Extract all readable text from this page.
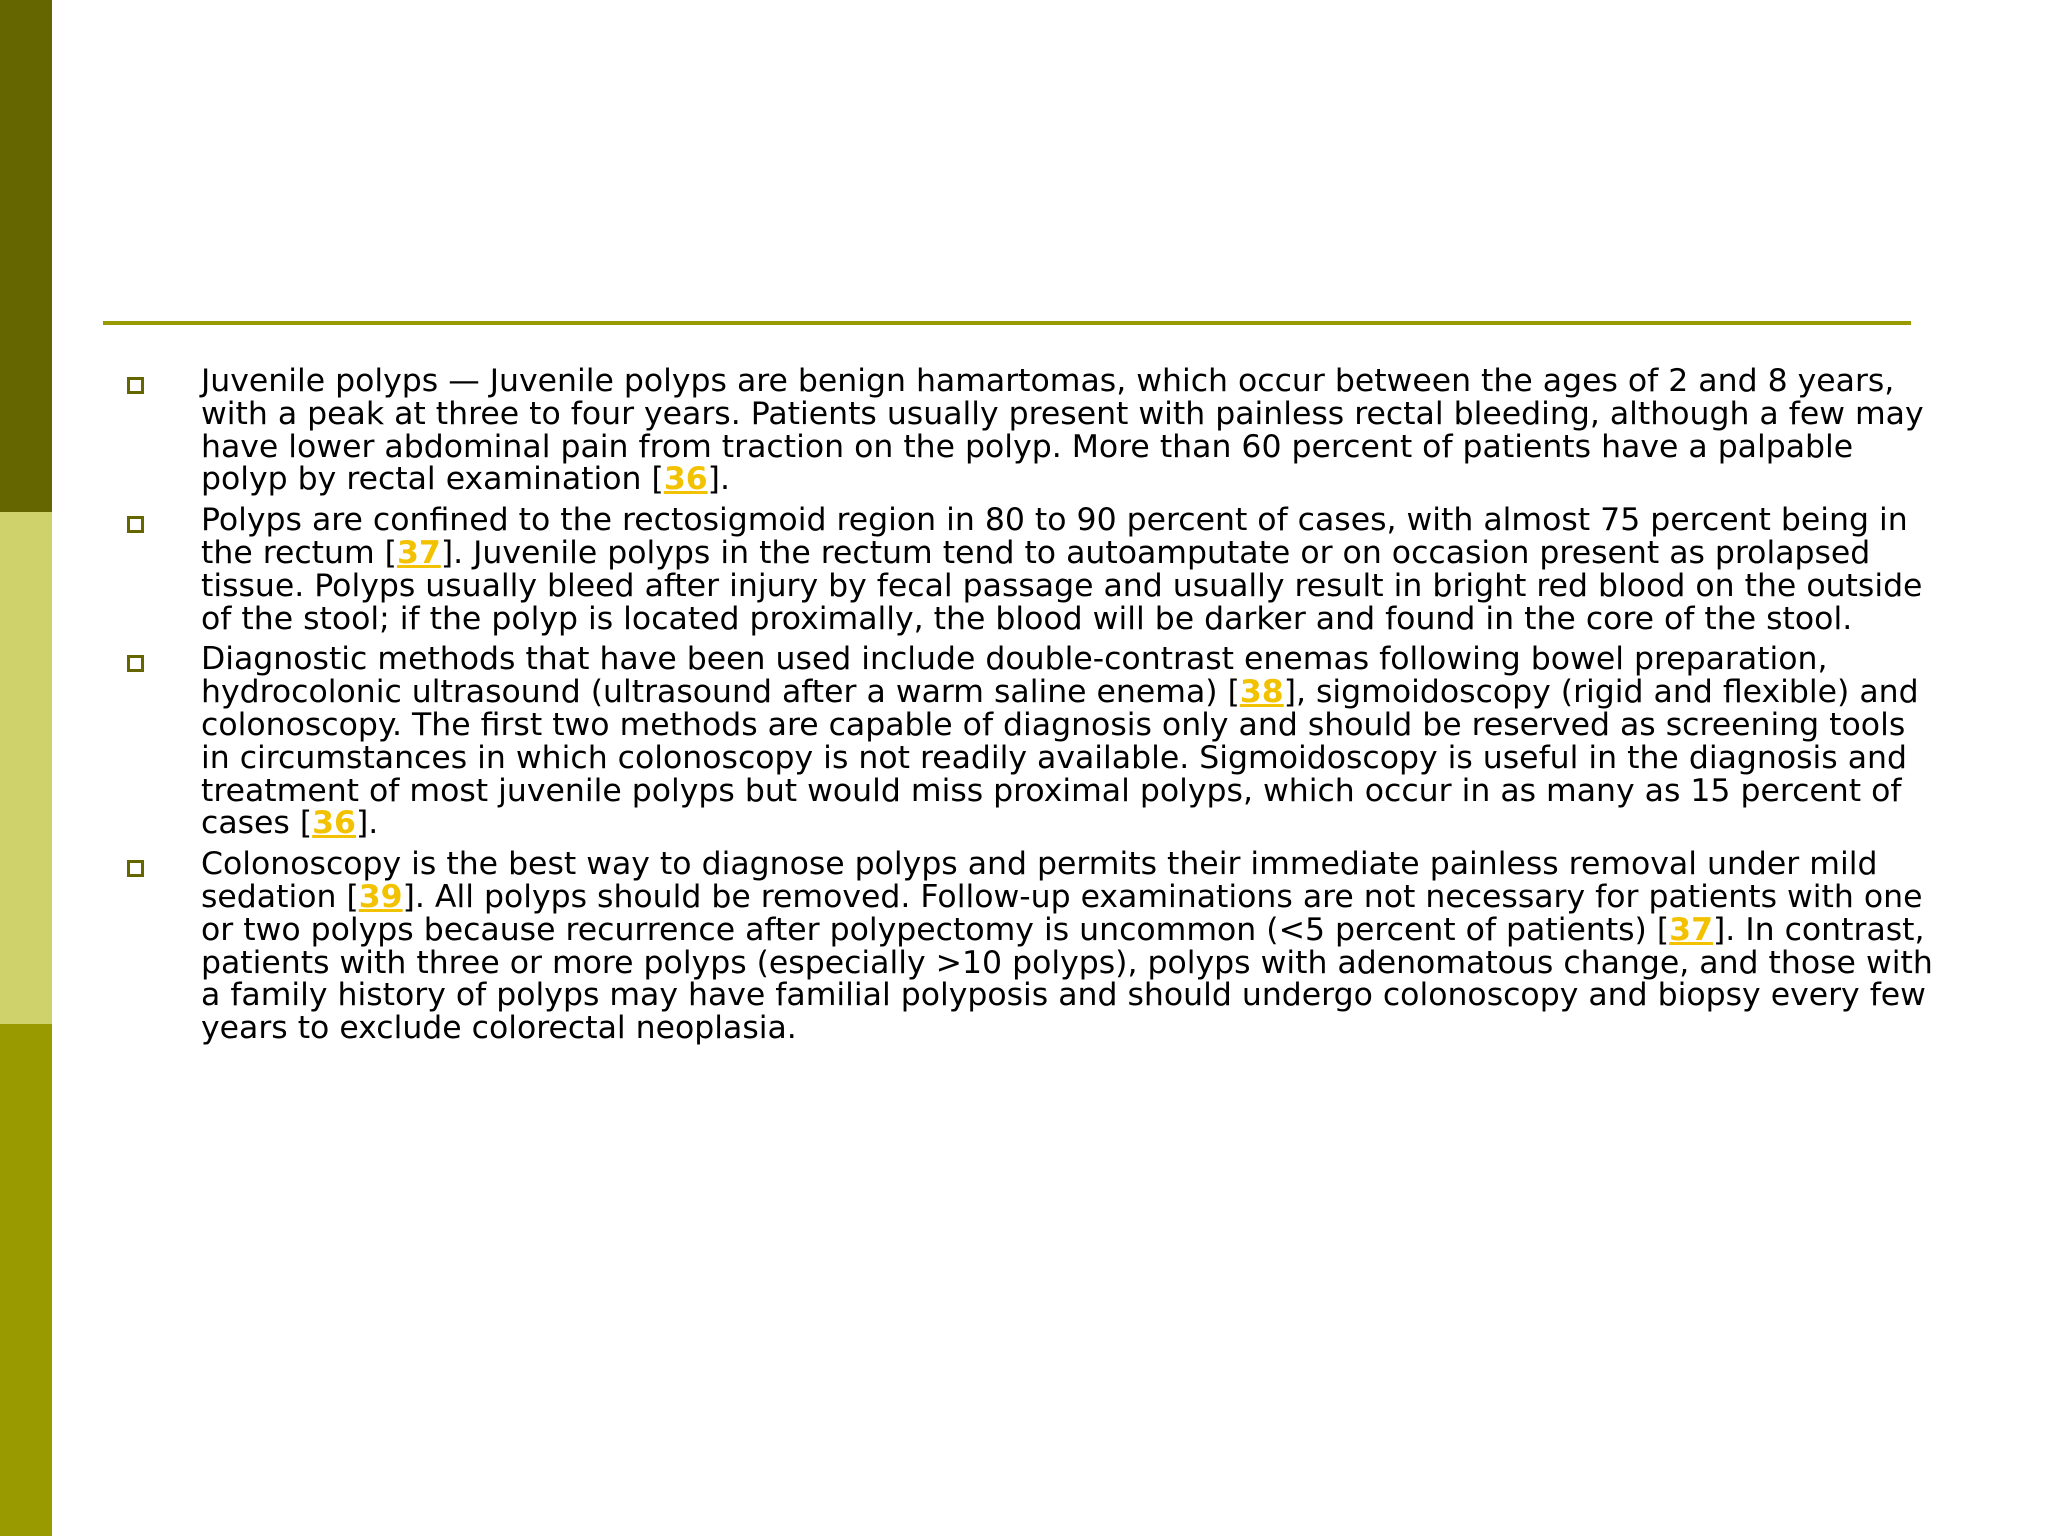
Juvenile polyps — Juvenile polyps are benign hamartomas, which occur between the ages of 2 and 8 years, with a peak at three to four years. Patients usually present with painless rectal bleeding, although a few may have lower abdominal pain from traction on the polyp. More than 60 percent of patients have a palpable polyp by rectal examination [36].
Polyps are confined to the rectosigmoid region in 80 to 90 percent of cases, with almost 75 percent being in the rectum [37]. Juvenile polyps in the rectum tend to autoamputate or on occasion present as prolapsed tissue. Polyps usually bleed after injury by fecal passage and usually result in bright red blood on the outside of the stool; if the polyp is located proximally, the blood will be darker and found in the core of the stool.
Diagnostic methods that have been used include double-contrast enemas following bowel preparation, hydrocolonic ultrasound (ultrasound after a warm saline enema) [38], sigmoidoscopy (rigid and flexible) and colonoscopy. The first two methods are capable of diagnosis only and should be reserved as screening tools in circumstances in which colonoscopy is not readily available. Sigmoidoscopy is useful in the diagnosis and treatment of most juvenile polyps but would miss proximal polyps, which occur in as many as 15 percent of cases [36].
Colonoscopy is the best way to diagnose polyps and permits their immediate painless removal under mild sedation [39]. All polyps should be removed. Follow-up examinations are not necessary for patients with one or two polyps because recurrence after polypectomy is uncommon (<5 percent of patients) [37]. In contrast, patients with three or more polyps (especially >10 polyps), polyps with adenomatous change, and those with a family history of polyps may have familial polyposis and should undergo colonoscopy and biopsy every few years to exclude colorectal neoplasia.
